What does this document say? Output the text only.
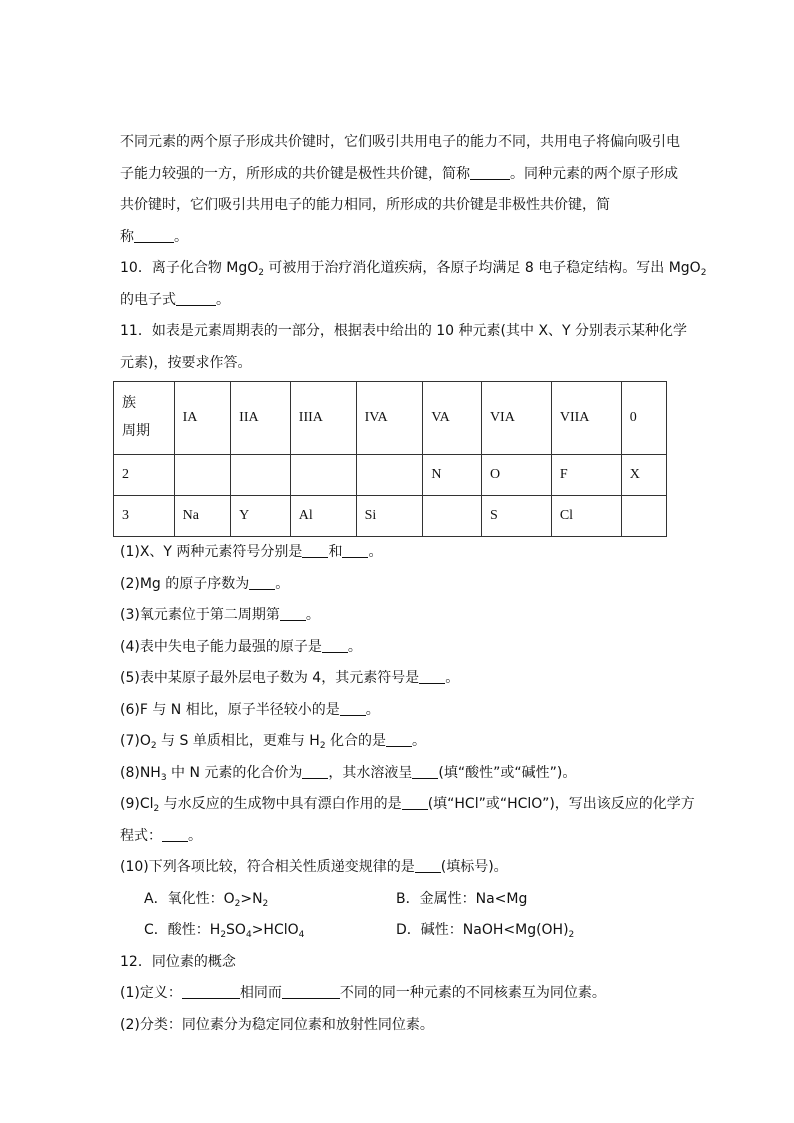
不同元素的两个原子形成共价键时，它们吸引共用电子的能力不同，共用电子将偏向吸引电
子能力较强的一方，所形成的共价键是极性共价键，简称	。同种元素的两个原子形成
共价键时，它们吸引共用电子的能力相同，所形成的共价键是非极性共价键，简
称	。
10．离子化合物 MgO$_2$ 可被用于治疗消化道疾病，各原子均满足 8 电子稳定结构。写出 MgO$_2$
的电子式	。
11．如表是元素周期表的一部分，根据表中给出的 10 种元素(其中 X、Y 分别表示某种化学
元素)，按要求作答。
族
周期	IA	IIA	IIIA	IVA	VA	VIA	VIIA	0
2					N	O	F	X
3	Na	Y	Al	Si		S	Cl	
(1)X、Y 两种元素符号分别是 和 。
(2)Mg 的原子序数为 。
(3)氧元素位于第二周期第 。
(4)表中失电子能力最强的原子是 。
(5)表中某原子最外层电子数为 4，其元素符号是 。
(6)F 与 N 相比，原子半径较小的是 。
$(7)O_2$ 与 S 单质相比，更难与 $H_2$ 化合的是 。
$(8)NH_3$ 中 N 元素的化合价为 ，其水溶液呈 (填“酸性”或“碱性”)。
$(9)Cl_2$ 与水反应的生成物中具有漂白作用的是 (填“HCl”或“HClO”)，写出该反应的化学方
程式： 。
(10)下列各项比较，符合相关性质递变规律的是 (填标号)。
A．氧化性：$O_2>N_2$	B．金属性：Na<Mg
C．酸性：$H_2SO_4>HClO_4$	D．碱性：$NaOH<Mg(OH)_2$
12．同位素的概念
(1)定义：	相同而	不同的同一种元素的不同核素互为同位素。
(2)分类：同位素分为稳定同位素和放射性同位素。
